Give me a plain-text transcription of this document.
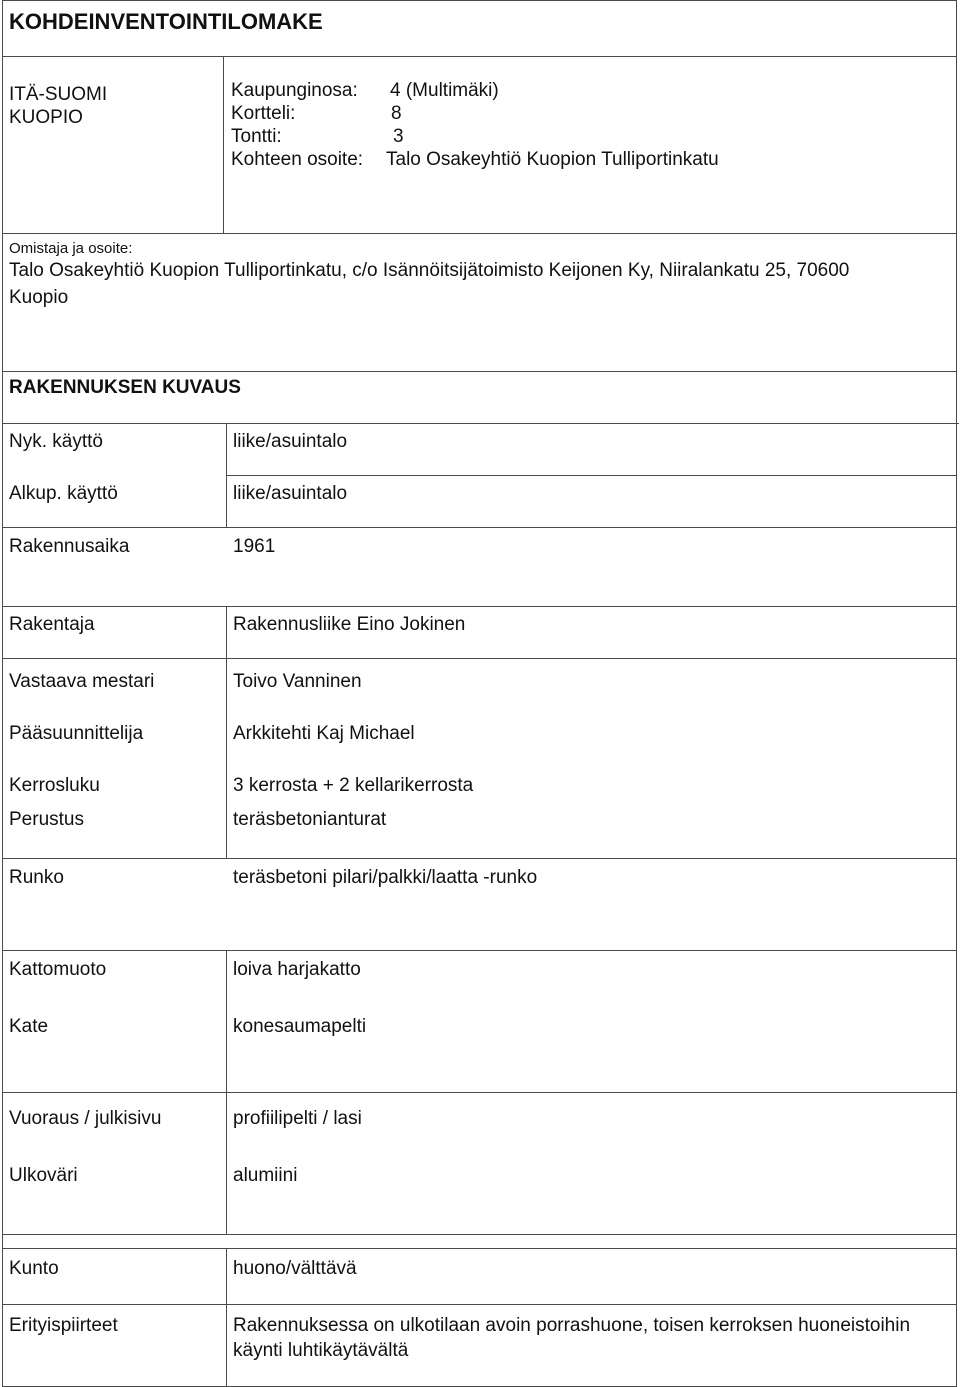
KOHDEINVENTOINTILOMAKE
ITÄ-SUOMI
KUOPIO
Kaupunginosa: 4 (Multimäki)
Kortteli:	8
Tontti:	3
Kohteen osoite: Talo Osakeyhtiö Kuopion Tulliportinkatu
Omistaja ja osoite:
Talo Osakeyhtiö Kuopion Tulliportinkatu, c/o Isännöitsijätoimisto Keijonen Ky, Niiralankatu 25, 70600
Kuopio
RAKENNUKSEN KUVAUS
Nyk. käyttö	liike/asuintalo
Alkup. käyttö	liike/asuintalo
Rakennusaika	1961
Rakentaja	Rakennusliike Eino Jokinen
Vastaava mestari	Toivo Vanninen
Pääsuunnittelija	Arkkitehti Kaj Michael
Kerrosluku	3 kerrosta + 2 kellarikerrosta
Perustus	teräsbetonianturat
Runko	teräsbetoni pilari/palkki/laatta -runko
Kattomuoto	loiva harjakatto
Kate	konesaumapelti
Vuoraus / julkisivu	profiilipelti / lasi
Ulkoväri	alumiini
Kunto	huono/välttävä
Erityispiirteet	Rakennuksessa on ulkotilaan avoin porrashuone, toisen kerroksen huoneistoihin
käynti luhtikäytävältä
